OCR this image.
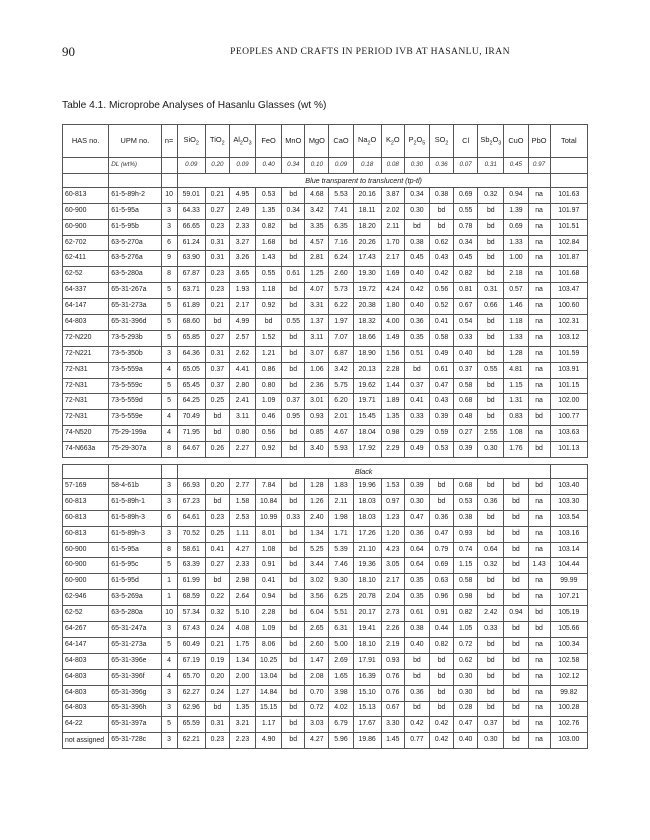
90	PEOPLES AND CRAFTS IN PERIOD IVB AT HASANLU, IRAN
Table 4.1. Microprobe Analyses of Hasanlu Glasses (wt %)
HAS no.	UPM no.	n=	SiO$_2$	TiO$_2$	$Al_2O_3$	FeO	MnO	MgO	CaO	$Na_2O$	$K_2O$	$P_2O_5$	$SO_2$	Cl	$Sb_2O_3$	CuO	PbO	Total
	DL (wt%)		0.09	0.20	0.09	0.40	0.34	0.10	0.09	0.18	0.08	0.30	0.36	0.07	0.31	0.45	0.97	
			Blue transparent to translucent (tp-tl)															
60-813	61-5-89h-2	10	59.01	0.21	4.95	0.53	bd	4.68	5.53	20.16	3.87	0.34	0.38	0.69	0.32	0.94	na	101.63
60-900	61-5-95a	3	64.33	0.27	2.49	1.35	0.34	3.42	7.41	18.11	2.02	0.30	bd	0.55	bd	1.39	na	101.97
60-900	61-5-95b	3	66.65	0.23	2.33	0.82	bd	3.35	6.35	18.20	2.11	bd	bd	0.78	bd	0.69	na	101.51
62-702	63-5-270a	6	61.24	0.31	3.27	1.68	bd	4.57	7.16	20.26	1.70	0.38	0.62	0.34	bd	1.33	na	102.84
62-411	63-5-276a	9	63.90	0.31	3.26	1.43	bd	2.81	6.24	17.43	2.17	0.45	0.43	0.45	bd	1.00	na	101.87
62-52	63-5-280a	8	67.87	0.23	3.65	0.55	0.61	1.25	2.60	19.30	1.69	0.40	0.42	0.82	bd	2.18	na	101.68
64-337	65-31-267a	5	63.71	0.23	1.93	1.18	bd	4.07	5.73	19.72	4.24	0.42	0.56	0.81	0.31	0.57	na	103.47
64-147	65-31-273a	5	61.89	0.21	2.17	0.92	bd	3.31	6.22	20.38	1.80	0.40	0.52	0.67	0.66	1.46	na	100.60
64-803	65-31-396d	5	68.60	bd	4.99	bd	0.55	1.37	1.97	18.32	4.00	0.36	0.41	0.54	bd	1.18	na	102.31
72-N220	73-5-293b	5	65.85	0.27	2.57	1.52	bd	3.11	7.07	18.66	1.49	0.35	0.58	0.33	bd	1.33	na	103.12
72-N221	73-5-350b	3	64.36	0.31	2.62	1.21	bd	3.07	6.87	18.90	1.56	0.51	0.49	0.40	bd	1.28	na	101.59
72-N31	73-5-559a	4	65.05	0.37	4.41	0.86	bd	1.06	3.42	20.13	2.28	bd	0.61	0.37	0.55	4.81	na	103.91
72-N31	73-5-559c	5	65.45	0.37	2.80	0.80	bd	2.36	5.75	19.62	1.44	0.37	0.47	0.58	bd	1.15	na	101.15
72-N31	73-5-559d	5	64.25	0.25	2.41	1.09	0.37	3.01	6.20	19.71	1.89	0.41	0.43	0.68	bd	1.31	na	102.00
72-N31	73-5-559e	4	70.49	bd	3.11	0.46	0.95	0.93	2.01	15.45	1.35	0.33	0.39	0.48	bd	0.83	bd	100.77
74-N520	75-29-199a	4	71.95	bd	0.80	0.56	bd	0.85	4.67	18.04	0.98	0.29	0.59	0.27	2.55	1.08	na	103.63
74-N663a	75-29-307a	8	64.67	0.26	2.27	0.92	bd	3.40	5.93	17.92	2.29	0.49	0.53	0.39	0.30	1.76	bd	101.13

			Black															
57-169	58-4-61b	3	66.93	0.20	2.77	7.84	bd	1.28	1.83	19.96	1.53	0.39	bd	0.68	bd	bd	bd	103.40
60-813	61-5-89h-1	3	67.23	bd	1.58	10.84	bd	1.26	2.11	18.03	0.97	0.30	bd	0.53	0.36	bd	na	103.30
60-813	61-5-89h-3	6	64.61	0.23	2.53	10.99	0.33	2.40	1.98	18.03	1.23	0.47	0.36	0.38	bd	bd	na	103.54
60-813	61-5-89h-3	3	70.52	0.25	1.11	8.01	bd	1.34	1.71	17.26	1.20	0.36	0.47	0.93	bd	bd	na	103.16
60-900	61-5-95a	8	58.61	0.41	4.27	1.08	bd	5.25	5.39	21.10	4.23	0.64	0.79	0.74	0.64	bd	na	103.14
60-900	61-5-95c	5	63.39	0.27	2.33	0.91	bd	3.44	7.46	19.36	3.05	0.64	0.69	1.15	0.32	bd	1.43	104.44
60-900	61-5-95d	1	61.99	bd	2.98	0.41	bd	3.02	9.30	18.10	2.17	0.35	0.63	0.58	bd	bd	na	99.99
62-946	63-5-269a	1	68.59	0.22	2.64	0.94	bd	3.56	6.25	20.78	2.04	0.35	0.96	0.98	bd	bd	na	107.21
62-52	63-5-280a	10	57.34	0.32	5.10	2.28	bd	6.04	5.51	20.17	2.73	0.61	0.91	0.82	2.42	0.94	bd	105.19
64-267	65-31-247a	3	67.43	0.24	4.08	1.09	bd	2.65	6.31	19.41	2.26	0.38	0.44	1.05	0.33	bd	bd	105.66
64-147	65-31-273a	5	60.49	0.21	1.75	8.06	bd	2.60	5.00	18.10	2.19	0.40	0.82	0.72	bd	bd	na	100.34
64-803	65-31-396e	4	67.19	0.19	1.34	10.25	bd	1.47	2.69	17.91	0.93	bd	bd	0.62	bd	bd	na	102.58
64-803	65-31-396f	4	65.70	0.20	2.00	13.04	bd	2.08	1.65	16.39	0.76	bd	bd	0.30	bd	bd	na	102.12
64-803	65-31-396g	3	62.27	0.24	1.27	14.84	bd	0.70	3.98	15.10	0.76	0.36	bd	0.30	bd	bd	na	99.82
64-803	65-31-396h	3	62.96	bd	1.35	15.15	bd	0.72	4.02	15.13	0.67	bd	bd	0.28	bd	bd	na	100.28
64-22	65-31-397a	5	65.59	0.31	3.21	1.17	bd	3.03	6.79	17.67	3.30	0.42	0.42	0.47	0.37	bd	na	102.76
not assigned	65-31-728c	3	62.21	0.23	2.23	4.90	bd	4.27	5.96	19.86	1.45	0.77	0.42	0.40	0.30	bd	na	103.00
